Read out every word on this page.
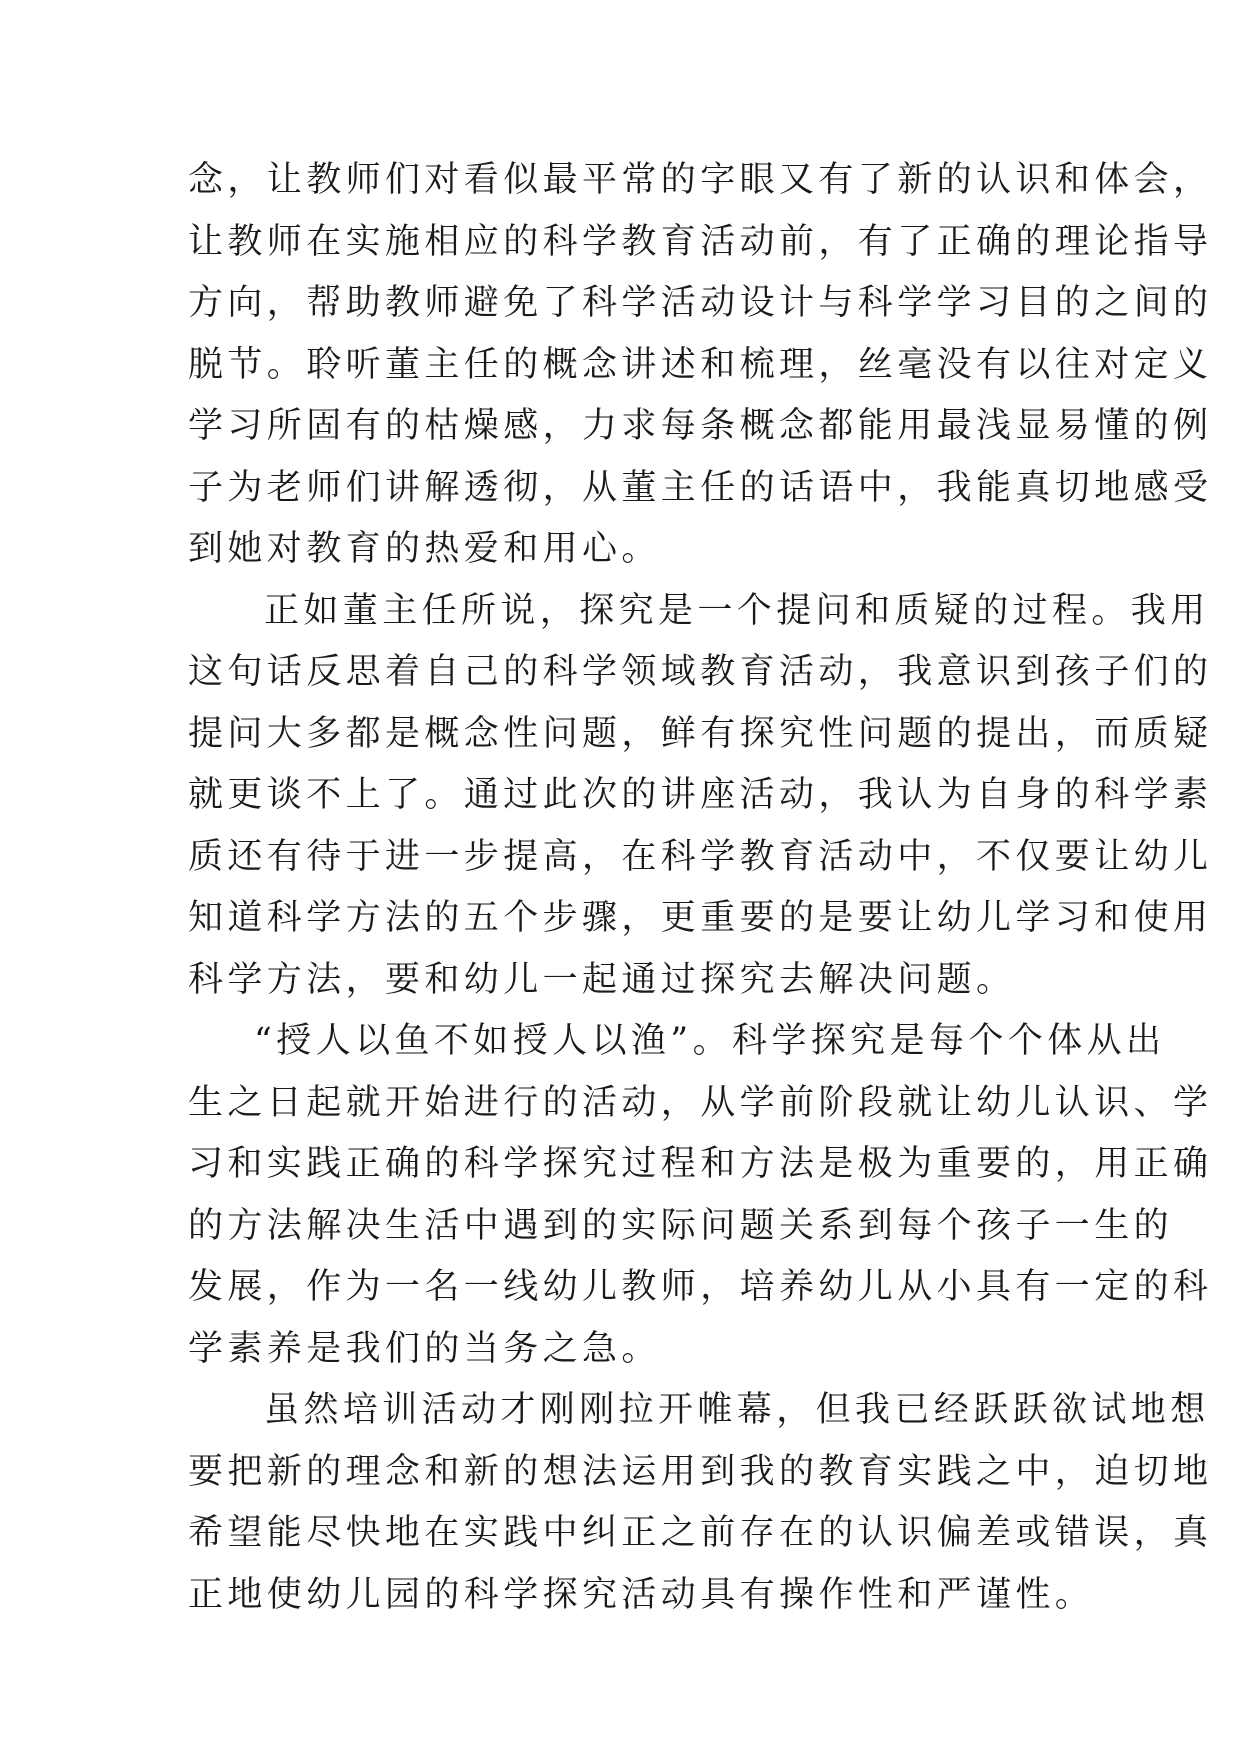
念，让教师们对看似最平常的字眼又有了新的认识和体会，
让教师在实施相应的科学教育活动前，有了正确的理论指导
方向，帮助教师避免了科学活动设计与科学学习目的之间的
脱节。聆听董主任的概念讲述和梳理，丝毫没有以往对定义
学习所固有的枯燥感，力求每条概念都能用最浅显易懂的例
子为老师们讲解透彻，从董主任的话语中，我能真切地感受
到她对教育的热爱和用心。
正如董主任所说，探究是一个提问和质疑的过程。我用
这句话反思着自己的科学领域教育活动，我意识到孩子们的
提问大多都是概念性问题，鲜有探究性问题的提出，而质疑
就更谈不上了。通过此次的讲座活动，我认为自身的科学素
质还有待于进一步提高，在科学教育活动中，不仅要让幼儿
知道科学方法的五个步骤，更重要的是要让幼儿学习和使用
科学方法，要和幼儿一起通过探究去解决问题。
“授人以鱼不如授人以渔”。科学探究是每个个体从出
生之日起就开始进行的活动，从学前阶段就让幼儿认识、学
习和实践正确的科学探究过程和方法是极为重要的，用正确
的方法解决生活中遇到的实际问题关系到每个孩子一生的
发展，作为一名一线幼儿教师，培养幼儿从小具有一定的科
学素养是我们的当务之急。
虽然培训活动才刚刚拉开帷幕，但我已经跃跃欲试地想
要把新的理念和新的想法运用到我的教育实践之中，迫切地
希望能尽快地在实践中纠正之前存在的认识偏差或错误，真
正地使幼儿园的科学探究活动具有操作性和严谨性。
